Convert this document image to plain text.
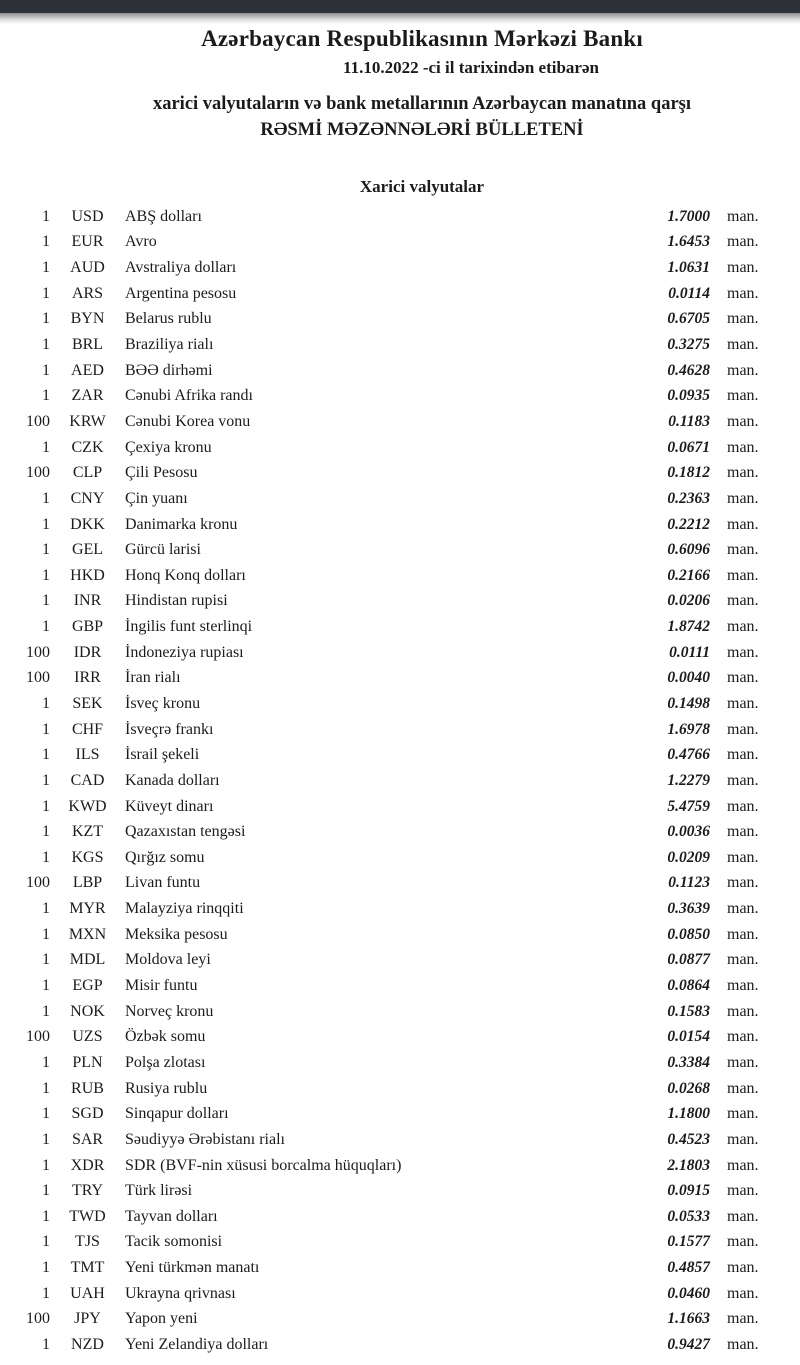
Azərbaycan Respublikasının Mərkəzi Bankı
11.10.2022 -ci il tarixindən etibarən
xarici valyutaların və bank metallarının Azərbaycan manatına qarşı
RƏSMİ MƏZƏNNƏLƏRİ BÜLLETENİ
Xarici valyutalar
1	USD	ABŞ dolları	1.7000 man.
1	EUR	Avro	1.6453 man.
1	AUD	Avstraliya dolları	1.0631 man.
1	ARS	Argentina pesosu	0.0114 man.
1	BYN	Belarus rublu	0.6705 man.
1	BRL	Braziliya rialı	0.3275 man.
1	AED	BƏƏ dirhəmi	0.4628 man.
1	ZAR	Cənubi Afrika randı	0.0935 man.
100	KRW	Cənubi Korea vonu	0.1183 man.
1	CZK	Çexiya kronu	0.0671 man.
100	CLP	Çili Pesosu	0.1812 man.
1	CNY	Çin yuanı	0.2363 man.
1	DKK	Danimarka kronu	0.2212 man.
1	GEL	Gürcü larisi	0.6096 man.
1	HKD	Honq Konq dolları	0.2166 man.
1	INR	Hindistan rupisi	0.0206 man.
1	GBP	İngilis funt sterlinqi	1.8742 man.
100	IDR	İndoneziya rupiası	0.0111 man.
100	IRR	İran rialı	0.0040 man.
1	SEK	İsveç kronu	0.1498 man.
1	CHF	İsveçrə frankı	1.6978 man.
1	ILS	İsrail şekeli	0.4766 man.
1	CAD	Kanada dolları	1.2279 man.
1	KWD	Küveyt dinarı	5.4759 man.
1	KZT	Qazaxıstan tengəsi	0.0036 man.
1	KGS	Qırğız somu	0.0209 man.
100	LBP	Livan funtu	0.1123 man.
1	MYR	Malayziya rinqqiti	0.3639 man.
1	MXN	Meksika pesosu	0.0850 man.
1	MDL	Moldova leyi	0.0877 man.
1	EGP	Misir funtu	0.0864 man.
1	NOK	Norveç kronu	0.1583 man.
100	UZS	Özbək somu	0.0154 man.
1	PLN	Polşa zlotası	0.3384 man.
1	RUB	Rusiya rublu	0.0268 man.
1	SGD	Sinqapur dolları	1.1800 man.
1	SAR	Səudiyyə Ərəbistanı rialı	0.4523 man.
1	XDR	SDR (BVF-nin xüsusi borcalma hüquqları)	2.1803 man.
1	TRY	Türk lirəsi	0.0915 man.
1	TWD	Tayvan dolları	0.0533 man.
1	TJS	Tacik somonisi	0.1577 man.
1	TMT	Yeni türkmən manatı	0.4857 man.
1	UAH	Ukrayna qrivnası	0.0460 man.
100	JPY	Yapon yeni	1.1663 man.
1	NZD	Yeni Zelandiya dolları	0.9427 man.
